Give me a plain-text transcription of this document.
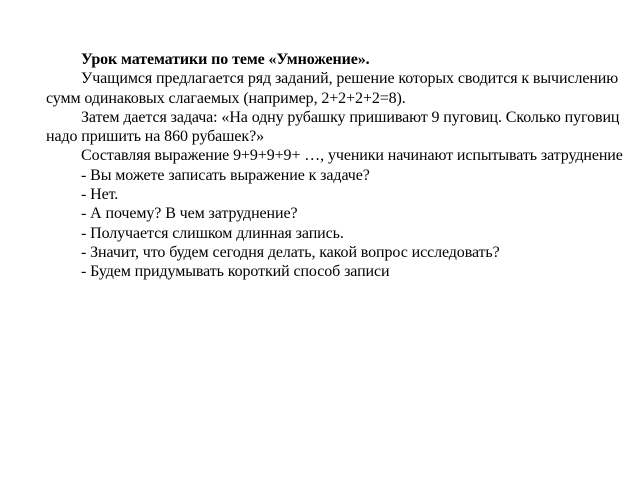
Урок математики по теме «Умножение».

Учащимся предлагается ряд заданий, решение которых сводится к вычислению сумм одинаковых слагаемых (например, 2+2+2+2=8).

Затем дается задача: «На одну рубашку пришивают 9 пуговиц. Сколько пуговиц надо пришить на 860 рубашек?»

Составляя выражение 9+9+9+9+ …, ученики начинают испытывать затруднение

- Вы можете записать выражение к задаче?

- Нет.

- А почему? В чем затруднение?

- Получается слишком длинная запись.

- Значит, что будем сегодня делать, какой вопрос исследовать?

- Будем придумывать короткий способ записи
